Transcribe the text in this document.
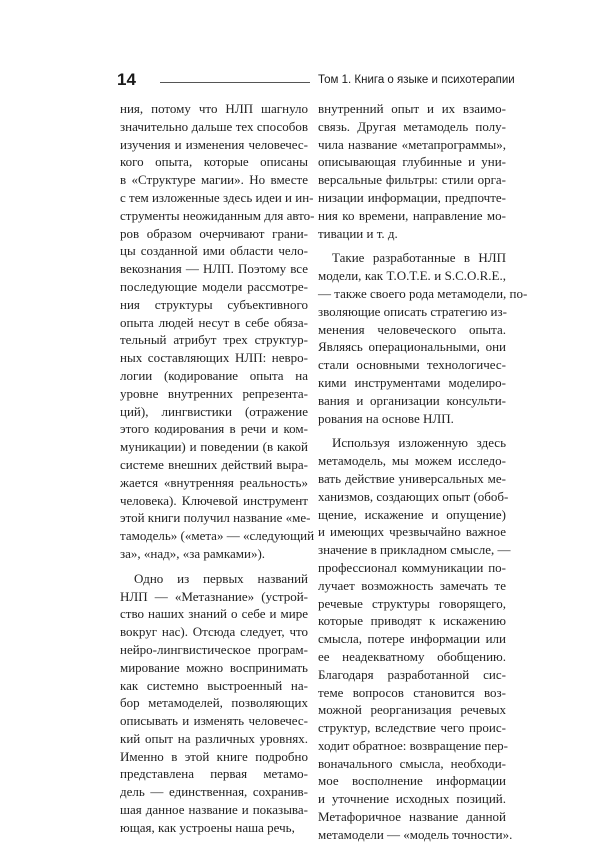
14	Том 1. Книга о языке и психотерапии
ния, потому что НЛП шагнуло
значительно дальше тех способов
изучения и изменения человечес-
кого опыта, которые описаны
в «Структуре магии». Но вместе
с тем изложенные здесь идеи и ин-
струменты неожиданным для авто-
ров образом очерчивают грани-
цы созданной ими области чело-
векознания — НЛП. Поэтому все
последующие модели рассмотре-
ния структуры субъективного
опыта людей несут в себе обяза-
тельный атрибут трех структур-
ных составляющих НЛП: невро-
логии (кодирование опыта на
уровне внутренних репрезента-
ций), лингвистики (отражение
этого кодирования в речи и ком-
муникации) и поведении (в какой
системе внешних действий выра-
жается «внутренняя реальность»
человека). Ключевой инструмент
этой книги получил название «ме-
тамодель» («мета» — «следующий
за», «над», «за рамками»).
Одно из первых названий
НЛП — «Метазнание» (устрой-
ство наших знаний о себе и мире
вокруг нас). Отсюда следует, что
нейро-лингвистическое програм-
мирование можно воспринимать
как системно выстроенный на-
бор метамоделей, позволяющих
описывать и изменять человечес-
кий опыт на различных уровнях.
Именно в этой книге подробно
представлена первая метамо-
дель — единственная, сохранив-
шая данное название и показыва-
ющая, как устроены наша речь,
внутренний опыт и их взаимо-
связь. Другая метамодель полу-
чила название «метапрограммы»,
описывающая глубинные и уни-
версальные фильтры: стили орга-
низации информации, предпочте-
ния ко времени, направление мо-
тивации и т. д.
Такие разработанные в НЛП
модели, как T.O.T.E. и S.C.O.R.E.,
— также своего рода метамодели, по-
зволяющие описать стратегию из-
менения человеческого опыта.
Являясь операциональными, они
стали основными технологичес-
кими инструментами моделиро-
вания и организации консульти-
рования на основе НЛП.
Используя изложенную здесь
метамодель, мы можем исследо-
вать действие универсальных ме-
ханизмов, создающих опыт (обоб-
щение, искажение и опущение)
и имеющих чрезвычайно важное
значение в прикладном смысле, —
профессионал коммуникации по-
лучает возможность замечать те
речевые структуры говорящего,
которые приводят к искажению
смысла, потере информации или
ее неадекватному обобщению.
Благодаря разработанной сис-
теме вопросов становится воз-
можной реорганизация речевых
структур, вследствие чего проис-
ходит обратное: возвращение пер-
воначального смысла, необходи-
мое восполнение информации
и уточнение исходных позиций.
Метафоричное название данной
метамодели — «модель точности».
